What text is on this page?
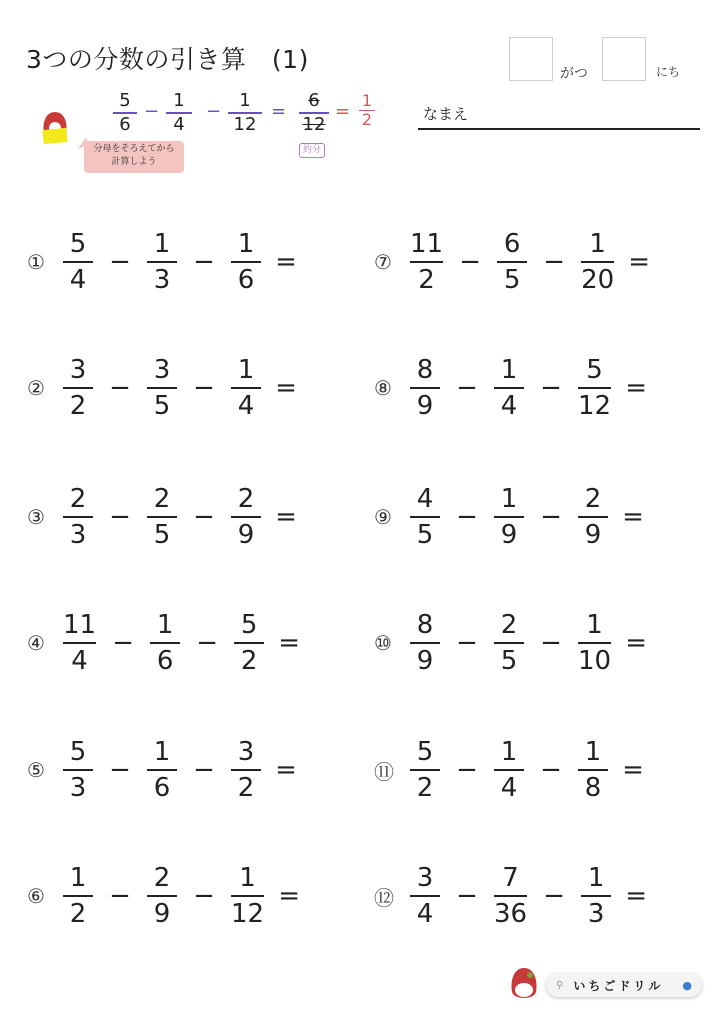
3つの分数の引き算　(1)	がつ	にち
なまえ
分母をそろえてから
計算しよう
5
6
−
1
4
−
1
12
=
6
12
=
1
2
約分
① $\frac{5}{4} - \frac{1}{3} - \frac{1}{6}$ =
② $\frac{3}{2} - \frac{3}{5} - \frac{1}{4}$ =
③ $\frac{2}{3} - \frac{2}{5} - \frac{2}{9}$ =
④ $\frac{11}{4} - \frac{1}{6} - \frac{5}{2}$ =
⑤ $\frac{5}{3} - \frac{1}{6} - \frac{3}{2}$ =
⑥ $\frac{1}{2} - \frac{2}{9} - \frac{1}{12}$ =
⑦ $\frac{11}{2} - \frac{6}{5} - \frac{1}{20}$ =
⑧ $\frac{8}{9} - \frac{1}{4} - \frac{5}{12}$ =
⑨ $\frac{4}{5} - \frac{1}{9} - \frac{2}{9}$ =
⑩ $\frac{8}{9} - \frac{2}{5} - \frac{1}{10}$ =
⑪ $\frac{5}{2} - \frac{1}{4} - \frac{1}{8}$ =
⑫ $\frac{3}{4} - \frac{7}{36} - \frac{1}{3}$ =
⚲ いちごドリル ●
